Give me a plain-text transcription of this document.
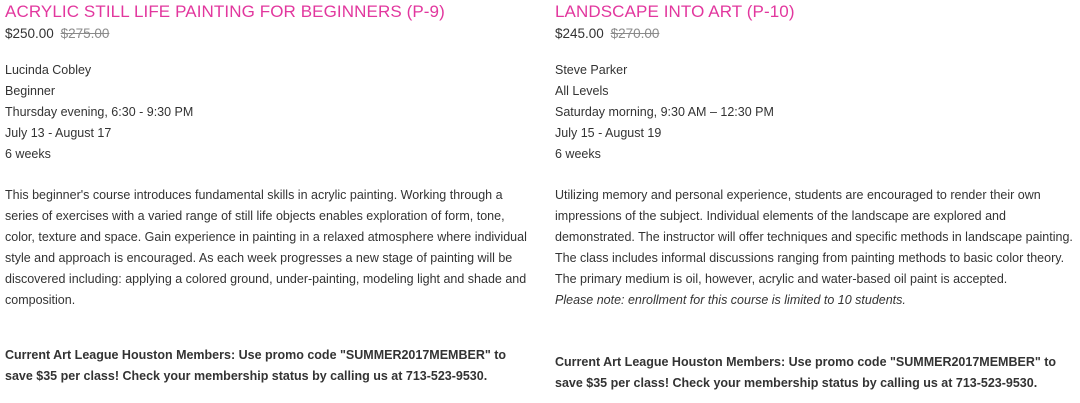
ACRYLIC STILL LIFE PAINTING FOR BEGINNERS (P-9)

$250.00 $275.00

Lucinda Cobley
Beginner
Thursday evening, 6:30 - 9:30 PM
July 13 - August 17
6 weeks
This beginner's course introduces fundamental skills in acrylic painting. Working through a series of exercises with a varied range of still life objects enables exploration of form, tone, color, texture and space. Gain experience in painting in a relaxed atmosphere where individual style and approach is encouraged. As each week progresses a new stage of painting will be discovered including: applying a colored ground, under-painting, modeling light and shade and composition.
Current Art League Houston Members: Use promo code "SUMMER2017MEMBER" to save $35 per class! Check your membership status by calling us at 713-523-9530.
LANDSCAPE INTO ART (P-10)

$245.00 $270.00

Steve Parker
All Levels
Saturday morning, 9:30 AM – 12:30 PM
July 15 - August 19
6 weeks
Utilizing memory and personal experience, students are encouraged to render their own impressions of the subject. Individual elements of the landscape are explored and demonstrated. The instructor will offer techniques and specific methods in landscape painting. The class includes informal discussions ranging from painting methods to basic color theory. The primary medium is oil, however, acrylic and water-based oil paint is accepted.
Please note: enrollment for this course is limited to 10 students.
Current Art League Houston Members: Use promo code "SUMMER2017MEMBER" to save $35 per class! Check your membership status by calling us at 713-523-9530.
